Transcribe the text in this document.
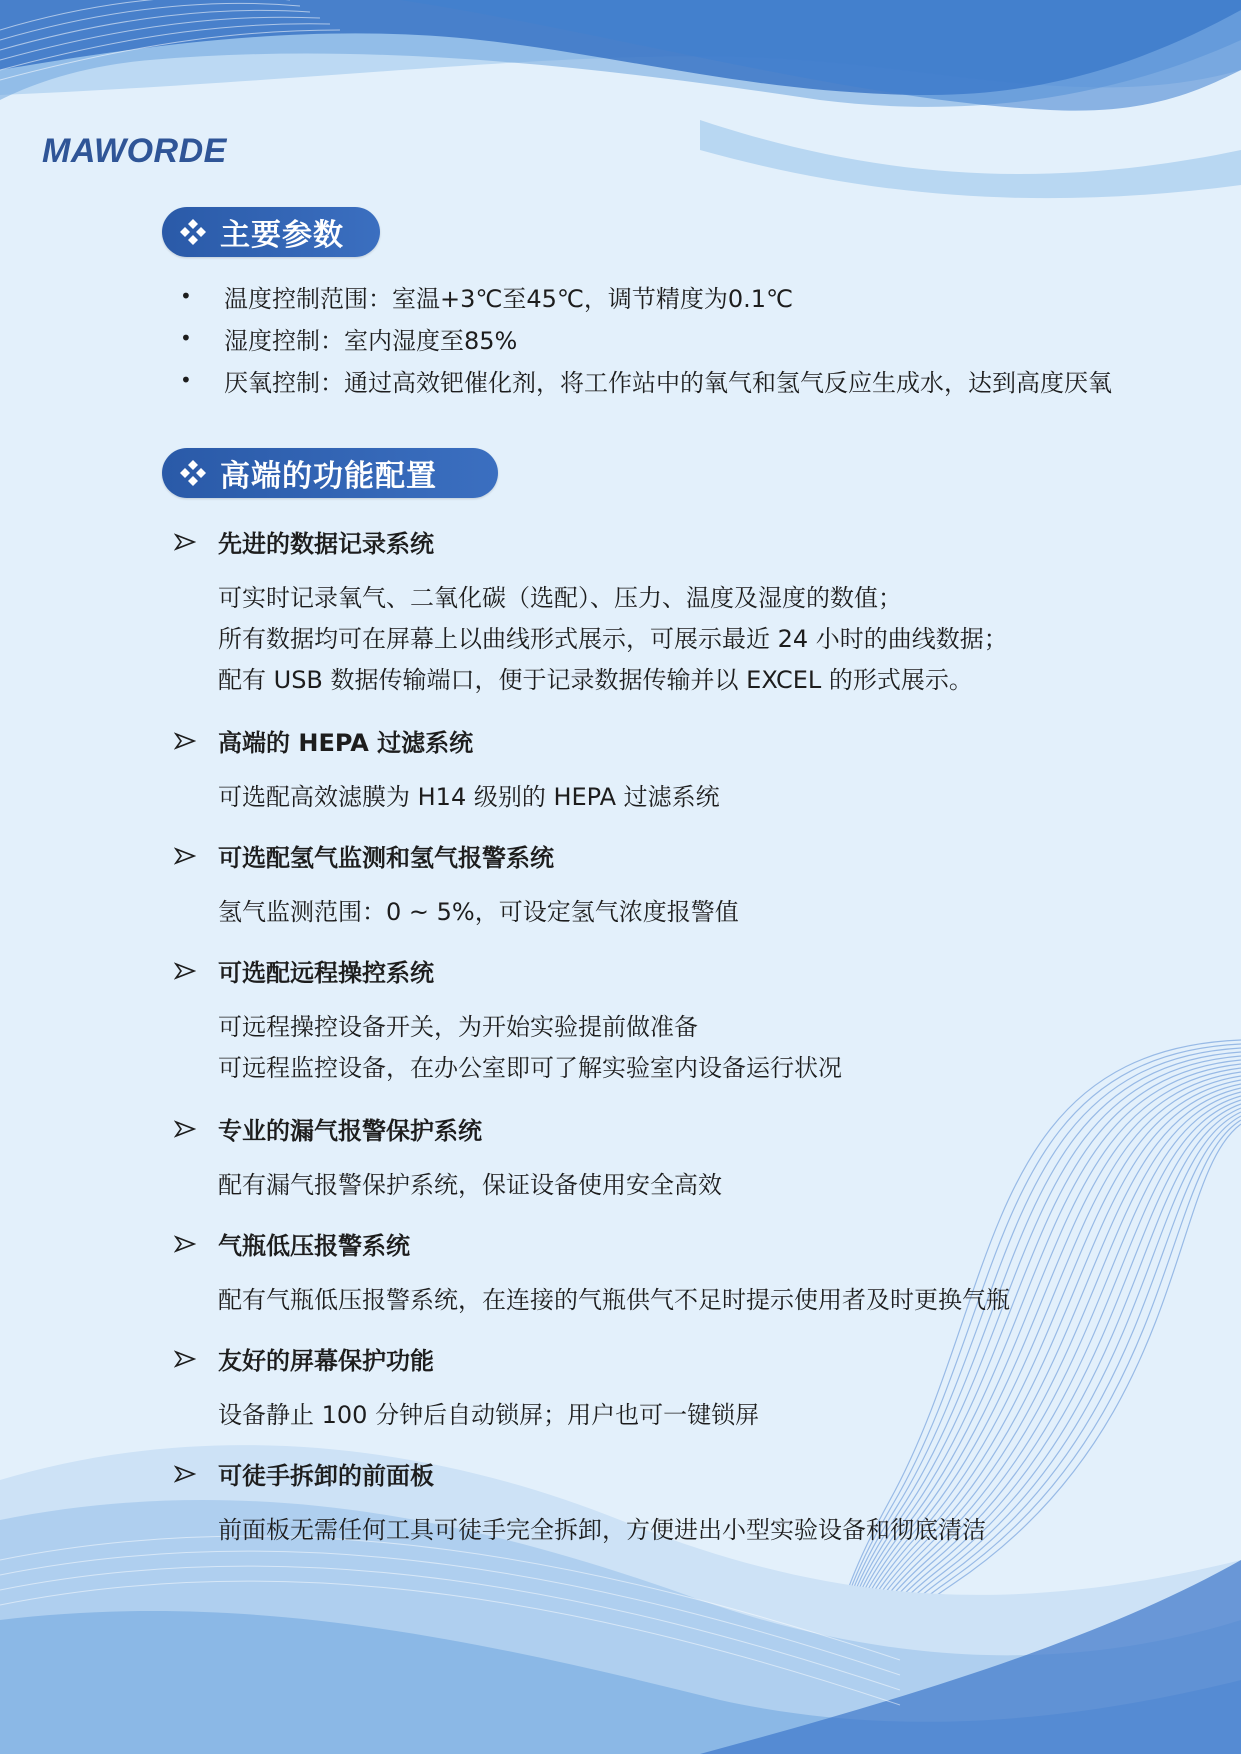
MAWORDE
主要参数
•	温度控制范围：室温+3℃至45℃，调节精度为0.1℃
•	湿度控制：室内湿度至85%
•	厌氧控制：通过高效钯催化剂，将工作站中的氧气和氢气反应生成水，达到高度厌氧
高端的功能配置
先进的数据记录系统
可实时记录氧气、二氧化碳（选配）、压力、温度及湿度的数值；
所有数据均可在屏幕上以曲线形式展示，可展示最近 24 小时的曲线数据；
配有 USB 数据传输端口，便于记录数据传输并以 EXCEL 的形式展示。
高端的 HEPA 过滤系统
可选配高效滤膜为 H14 级别的 HEPA 过滤系统
可选配氢气监测和氢气报警系统
氢气监测范围：0 ~ 5%，可设定氢气浓度报警值
可选配远程操控系统
可远程操控设备开关，为开始实验提前做准备
可远程监控设备，在办公室即可了解实验室内设备运行状况
专业的漏气报警保护系统
配有漏气报警保护系统，保证设备使用安全高效
气瓶低压报警系统
配有气瓶低压报警系统，在连接的气瓶供气不足时提示使用者及时更换气瓶
友好的屏幕保护功能
设备静止 100 分钟后自动锁屏；用户也可一键锁屏
可徒手拆卸的前面板
前面板无需任何工具可徒手完全拆卸，方便进出小型实验设备和彻底清洁
